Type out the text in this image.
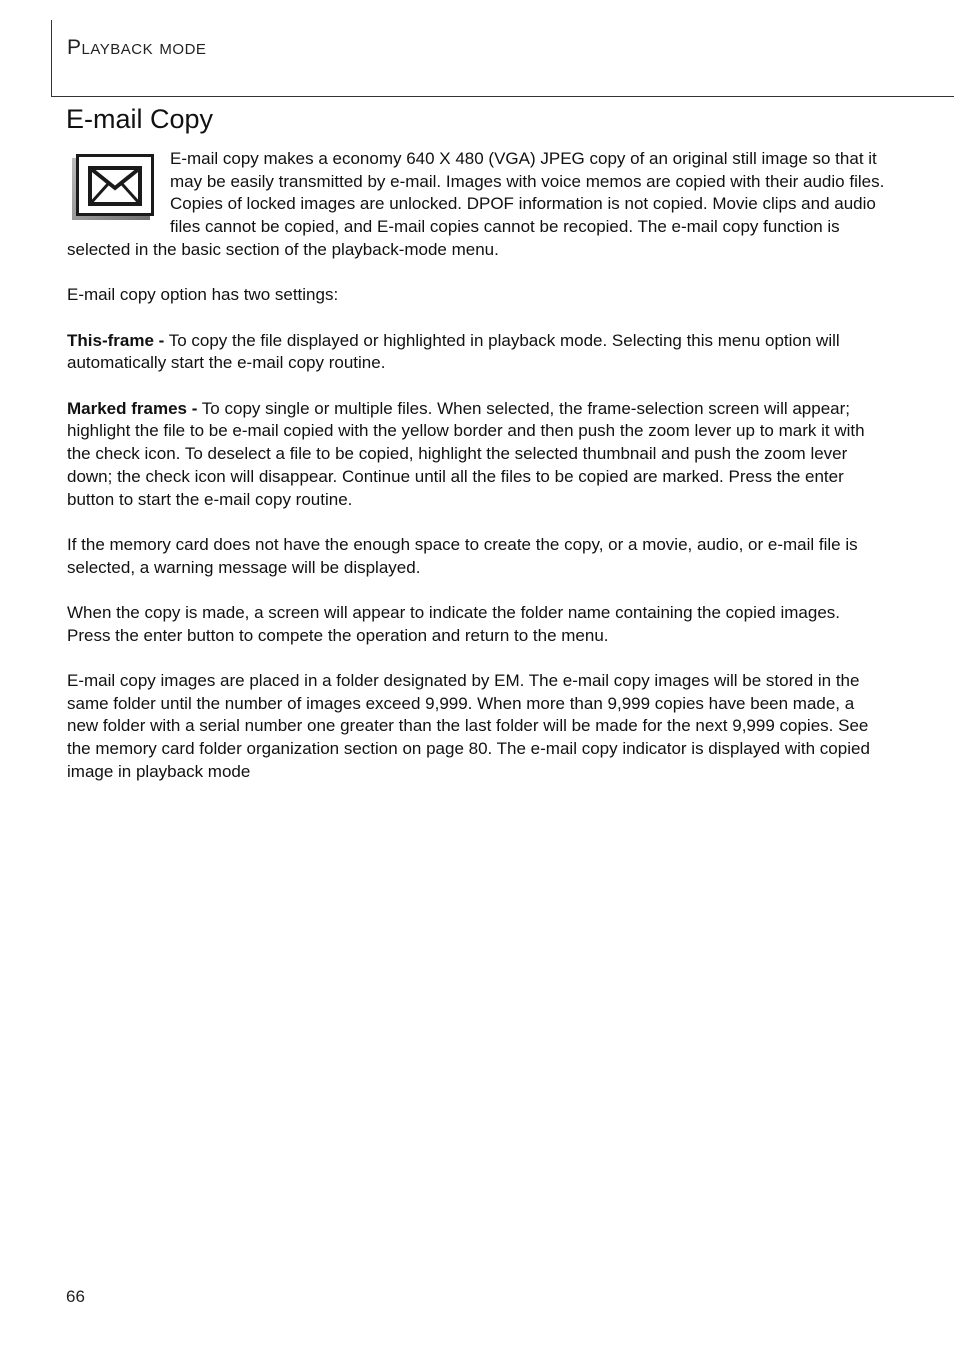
Playback mode
E-mail Copy

E-mail copy makes a economy 640 X 480 (VGA) JPEG copy of an original still image so that it may be easily transmitted by e-mail. Images with voice memos are copied with their audio files. Copies of locked images are unlocked. DPOF information is not copied. Movie clips and audio files cannot be copied, and E-mail copies cannot be recopied. The e-mail copy function is selected in the basic section of the playback-mode menu.

E-mail copy option has two settings:

This-frame - To copy the file displayed or highlighted in playback mode. Selecting this menu option will automatically start the e-mail copy routine.

Marked frames - To copy single or multiple files. When selected, the frame-selection screen will appear; highlight the file to be e-mail copied with the yellow border and then push the zoom lever up to mark it with the check icon. To deselect a file to be copied, highlight the selected thumbnail and push the zoom lever down; the check icon will disappear. Continue until all the files to be copied are marked. Press the enter button to start the e-mail copy routine.

If the memory card does not have the enough space to create the copy, or a movie, audio, or e-mail file is selected, a warning message will be displayed.

When the copy is made, a screen will appear to indicate the folder name containing the copied images. Press the enter button to compete the operation and return to the menu.

E-mail copy images are placed in a folder designated by EM. The e-mail copy images will be stored in the same folder until the number of images exceed 9,999. When more than 9,999 copies have been made, a new folder with a serial number one greater than the last folder will be made for the next 9,999 copies. See the memory card folder organization section on page 80. The e-mail copy indicator is displayed with copied image in playback mode

66
